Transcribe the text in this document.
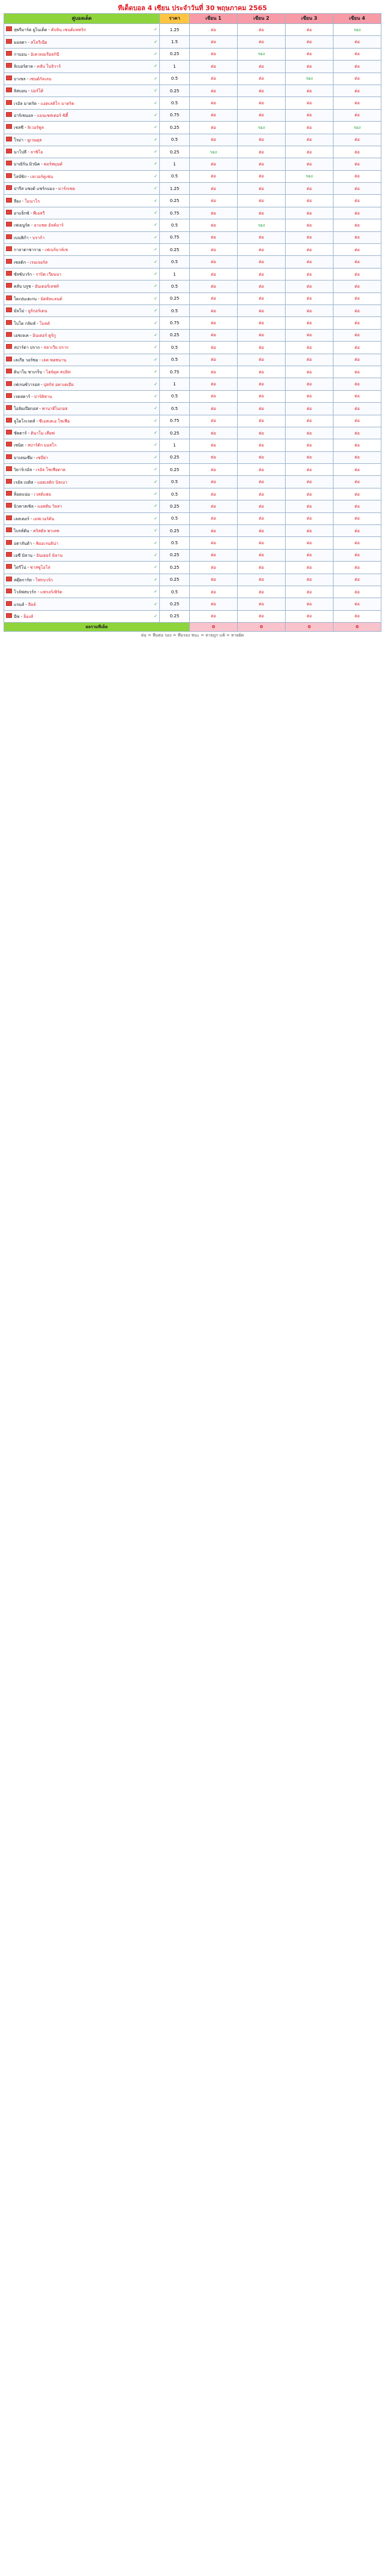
ทีเด็ดบอล 4 เซียน ประจำวันที่ 30 พฤษภาคม 2565
คู่บอลเด็ด	ราคา	เซียน 1	เซียน 2	เซียน 3	เซียน 4
สุพรีมาร์ต ยูไนเต็ด - ดับลิน เซนต์แพทริก ✓	1.25	ต่อ	ต่อ	ต่อ	รอง
มอลตา - สโลวีเนีย ✓	1.5	ต่อ	ต่อ	ต่อ	ต่อ
กาบอน - อิเควทอเรียลกินี ✓	0.25	ต่อ	รอง	ต่อ	ต่อ
ลิเบอร์ตาด - คลับ โบลิวาร์ ✓	1	ต่อ	ต่อ	ต่อ	ต่อ
บาเซล - เซนต์กัลเลน ✓	0.5	ต่อ	ต่อ	รอง	ต่อ
ลิสบอน - ปอร์โต้ ✓	0.25	ต่อ	ต่อ	ต่อ	ต่อ
เรอัล มาดริด - แอตเลติโก มาดริด ✓	0.5	ต่อ	ต่อ	ต่อ	ต่อ
อาร์เซนอล - แมนเชสเตอร์ ซิตี้ ✓	0.75	ต่อ	ต่อ	ต่อ	ต่อ
เชลซี - ลิเวอร์พูล ✓	0.25	ต่อ	รอง	ต่อ	รอง
โรม่า - ยูเวนตุส ✓	0.5	ต่อ	ต่อ	ต่อ	ต่อ
นาโปลี - ลาซิโอ ✓	0.25	รอง	ต่อ	ต่อ	ต่อ
บาเยิร์น มิวนิค - ดอร์ทมุนด์ ✓	1	ต่อ	ต่อ	ต่อ	ต่อ
ไลป์ซิก - เลเวอร์คูเซ่น ✓	0.5	ต่อ	ต่อ	รอง	ต่อ
ปารีส แซงต์ แชร์กแมง - มาร์กเซย ✓	1.25	ต่อ	ต่อ	ต่อ	ต่อ
ลียง - โมนาโก ✓	0.25	ต่อ	ต่อ	ต่อ	ต่อ
อาแจ็กซ์ - พีเอสวี ✓	0.75	ต่อ	ต่อ	ต่อ	ต่อ
เฟเยนูร์ด - อาแซด อัลค์มาร์ ✓	0.5	ต่อ	รอง	ต่อ	ต่อ
เบนฟิก้า - บราก้า ✓	0.75	ต่อ	ต่อ	ต่อ	ต่อ
กาลาตาซาราย - เฟเนร์บาห์เช ✓	0.25	ต่อ	ต่อ	ต่อ	ต่อ
เซลติก - เรนเจอร์ส ✓	0.5	ต่อ	ต่อ	ต่อ	ต่อ
ซัลซ์บวร์ก - ราปิด เวียนนา ✓	1	ต่อ	ต่อ	ต่อ	ต่อ
คลับ บรูช - อันเดอร์เลชท์ ✓	0.5	ต่อ	ต่อ	ต่อ	ต่อ
โคเปนเฮเกน - มิดทิลแลนด์ ✓	0.25	ต่อ	ต่อ	ต่อ	ต่อ
มัลโม่ - ยูร์กอร์เดน ✓	0.5	ต่อ	ต่อ	ต่อ	ต่อ
โบโด กลิมท์ - โมลด์ ✓	0.75	ต่อ	ต่อ	ต่อ	ต่อ
เอชเจเค - อินเตอร์ ตูร์กู ✓	0.25	ต่อ	ต่อ	ต่อ	ต่อ
สปาร์ตา ปราก - สลาเวีย ปราก ✓	0.5	ต่อ	ต่อ	ต่อ	ต่อ
เลเกีย วอร์ซอ - เลค พอซนาน ✓	0.5	ต่อ	ต่อ	ต่อ	ต่อ
ดินาโม ซาเกร็บ - ไฮจ์ดุค สปลิท ✓	0.75	ต่อ	ต่อ	ต่อ	ต่อ
เฟเรนซ์วารอส - ปุสกัส อคาเดเมีย ✓	1	ต่อ	ต่อ	ต่อ	ต่อ
เรดสตาร์ - ปาร์ติซาน ✓	0.5	ต่อ	ต่อ	ต่อ	ต่อ
โอลิมเปียกอส - พานาธิไนกอส ✓	0.5	ต่อ	ต่อ	ต่อ	ต่อ
ลูโดโกเรตส์ - ซีเอสเคเอ โซเฟีย ✓	0.75	ต่อ	ต่อ	ต่อ	ต่อ
ชัคตาร์ - ดินาโม เคียฟ ✓	0.25	ต่อ	ต่อ	ต่อ	ต่อ
เซนิต - สปาร์ตัก มอสโก ✓	1	ต่อ	ต่อ	ต่อ	ต่อ
บาเลนเซีย - เซบีย่า ✓	0.25	ต่อ	ต่อ	ต่อ	ต่อ
วิยาร์เรอัล - เรอัล โซเซียดาด ✓	0.25	ต่อ	ต่อ	ต่อ	ต่อ
เรอัล เบติส - แอธเลติก บิลเบา ✓	0.5	ต่อ	ต่อ	ต่อ	ต่อ
ท็อตแน่ม - เวสต์แฮม ✓	0.5	ต่อ	ต่อ	ต่อ	ต่อ
นิวคาสเซิล - แอสตัน วิลล่า ✓	0.25	ต่อ	ต่อ	ต่อ	ต่อ
เลสเตอร์ - เอฟเวอร์ตัน ✓	0.5	ต่อ	ต่อ	ต่อ	ต่อ
ไบรท์ตัน - คริสตัล พาเลซ ✓	0.25	ต่อ	ต่อ	ต่อ	ต่อ
อตาลันต้า - ฟิออเรนติน่า ✓	0.5	ต่อ	ต่อ	ต่อ	ต่อ
เอซี มิลาน - อินเตอร์ มิลาน ✓	0.25	ต่อ	ต่อ	ต่อ	ต่อ
โตรีโน่ - ซาสซูโอโล่ ✓	0.25	ต่อ	ต่อ	ต่อ	ต่อ
สตุ๊ตการ์ท - ไฟรบวร์ก ✓	0.25	ต่อ	ต่อ	ต่อ	ต่อ
โวล์ฟสบวร์ก - แฟรงก์เฟิร์ต ✓	0.5	ต่อ	ต่อ	ต่อ	ต่อ
แรนส์ - ลีลล์ ✓	0.25	ต่อ	ต่อ	ต่อ	ต่อ
นีซ - ล็องส์ ✓	0.25	ต่อ	ต่อ	ต่อ	ต่อ
ผลรวมทีเด็ด		0	0	0	0
ต่อ = ทีมต่อ รอง = ทีมรอง ชนะ = ทายถูก แพ้ = ทายผิด
